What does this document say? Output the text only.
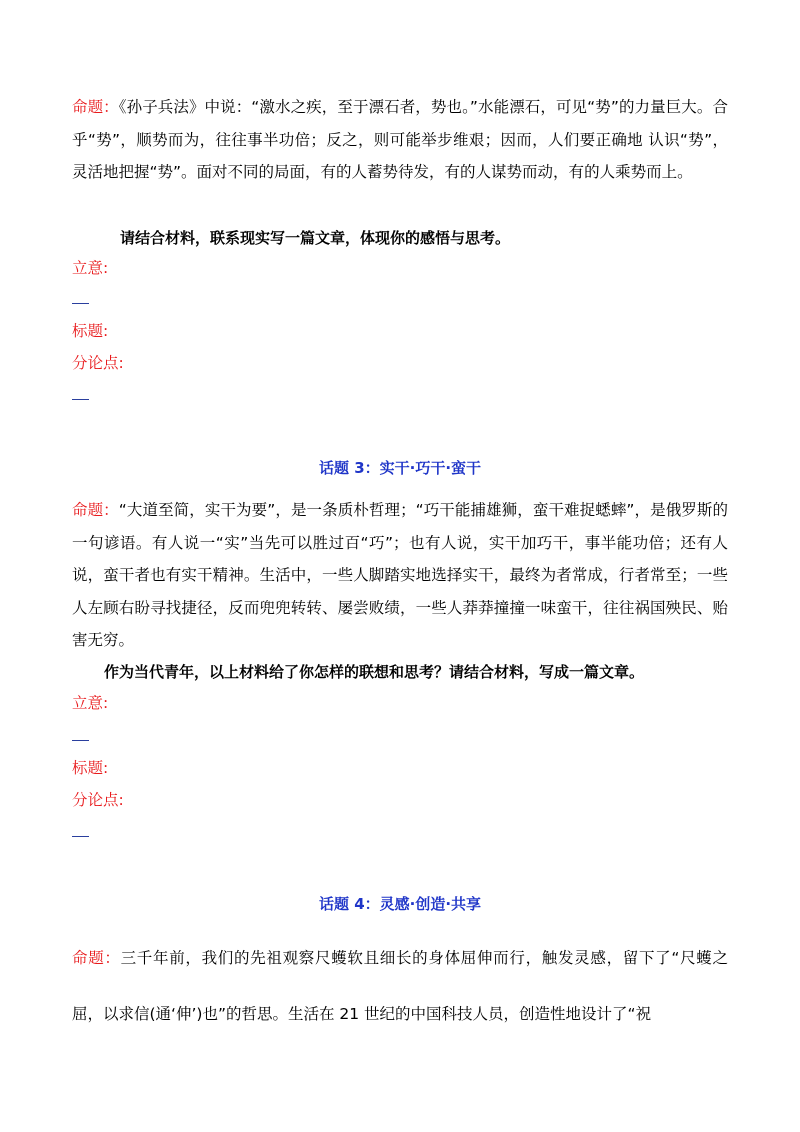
命题：《孙子兵法》中说：“激水之疾，至于漂石者，势也。”水能漂石，可见“势”的力量巨大。合乎“势”，顺势而为，往往事半功倍；反之，则可能举步维艰；因而，人们要正确地 认识“势”，灵活地把握“势”。面对不同的局面，有的人蓄势待发，有的人谋势而动，有的人乘势而上。

请结合材料，联系现实写一篇文章，体现你的感悟与思考。

立意:

标题:

分论点:

话题 3：实干·巧干·蛮干

命题：“大道至简，实干为要”，是一条质朴哲理；“巧干能捕雄狮，蛮干难捉蟋蟀”，是俄罗斯的一句谚语。有人说一“实”当先可以胜过百“巧”；也有人说，实干加巧干，事半能功倍；还有人说，蛮干者也有实干精神。生活中，一些人脚踏实地选择实干，最终为者常成，行者常至；一些人左顾右盼寻找捷径，反而兜兜转转、屡尝败绩，一些人莽莽撞撞一味蛮干，往往祸国殃民、贻害无穷。

作为当代青年，以上材料给了你怎样的联想和思考？请结合材料，写成一篇文章。

立意:

标题:

分论点:

话题 4：灵感·创造·共享

命题：三千年前，我们的先祖观察尺蠖软且细长的身体屈伸而行，触发灵感，留下了“尺蠖之屈，以求信(通‘伸’)也”的哲思。生活在 21 世纪的中国科技人员，创造性地设计了“祝
